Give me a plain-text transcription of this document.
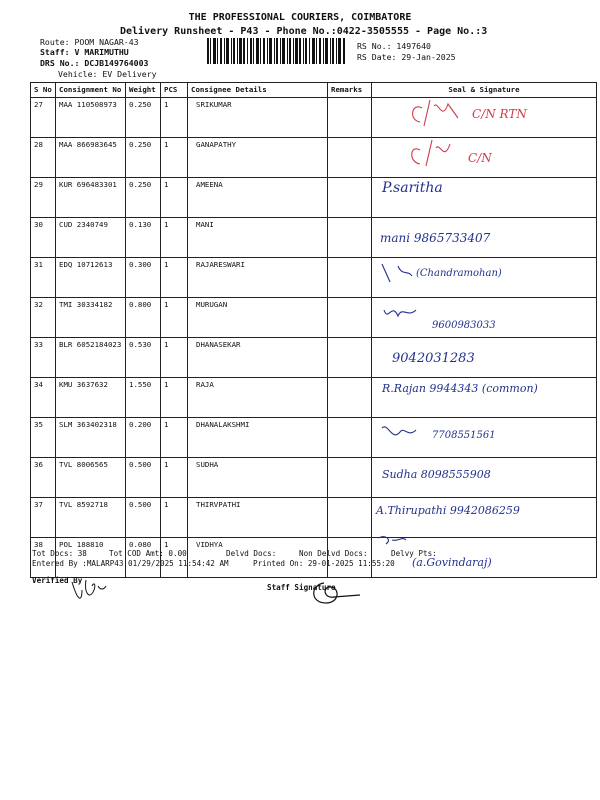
THE PROFESSIONAL COURIERS, COIMBATORE
Delivery Runsheet - P43 - Phone No.:0422-3505555 - Page No.:3
Route: POOM NAGAR-43
Staff: V MARIMUTHU
DRS No.: DCJB149764003
Vehicle: EV Delivery
RS No.: 1497640
RS Date: 29-Jan-2025
S No	Consignment No	Weight	PCS	Consignee Details	Remarks	Seal & Signature
27	MAA 110508973	0.250	1	SRIKUMAR		C/N RTN

28	MAA 866983645	0.250	1	GANAPATHY		C/N

29	KUR 696483301	0.250	1	AMEENA		P.saritha

30	CUD 2340749	0.130	1	MANI		mani 9865733407

31	EDQ 10712613	0.300	1	RAJARESWARI		(Chandramohan)

32	TMI 30334182	0.800	1	MURUGAN		9600983033

33	BLR 6052184023	0.530	1	DHANASEKAR		9042031283

34	KMU 3637632	1.550	1	RAJA		R.Rajan 9944343 (common)

35	SLM 363402318	0.200	1	DHANALAKSHMI		7708551561

36	TVL 8006565	0.500	1	SUDHA		Sudha 8098555908

37	TVL 8592718	0.500	1	THIRVPATHI		A.Thirupathi 9942086259

38	POL 188810	0.080	1	VIDHYA		(a.Govindaraj)
Tot Docs: 38	Tot COD Amt: 0.00	Delvd Docs:	Non Delvd Docs:	Delvy Pts:
Entered By :MALARP43 01/29/2025 11:54:42 AM	Printed On: 29-01-2025 11:55:20
Verified By
Staff Signature
